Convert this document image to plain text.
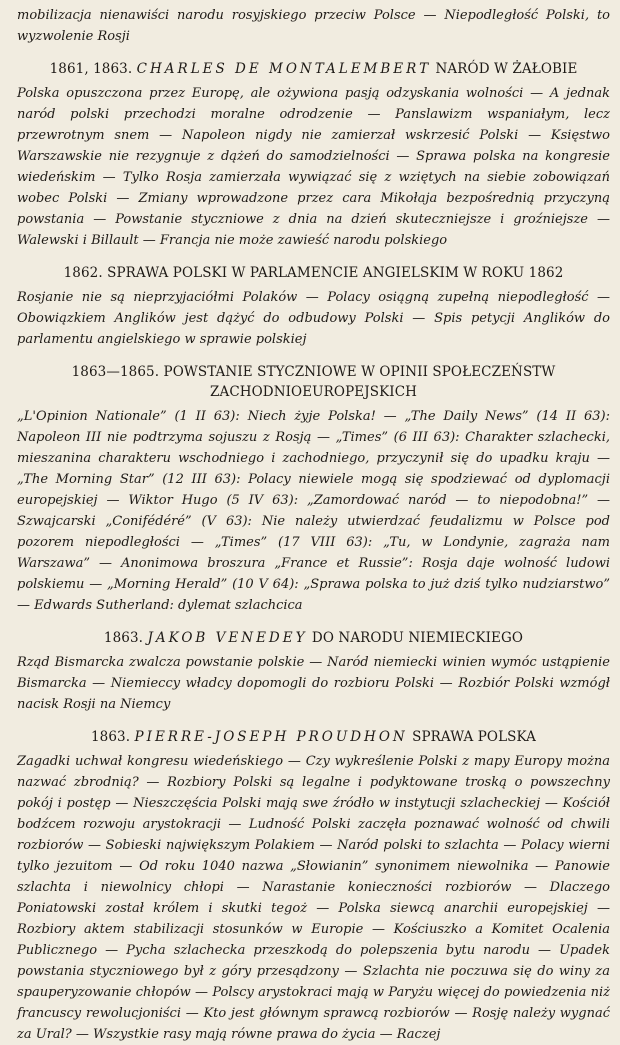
mobilizacja nienawiści narodu rosyjskiego przeciw Polsce — Niepodległość Polski, to wyzwolenie Rosji

1861, 1863. CHARLES DE MONTALEMBERT NARÓD W ŻAŁOBIE

Polska opuszczona przez Europę, ale ożywiona pasją odzyskania wolności — A jednak naród polski przechodzi moralne odrodzenie — Panslawizm wspaniałym, lecz przewrotnym snem — Napoleon nigdy nie zamierzał wskrzesić Polski — Księstwo Warszawskie nie rezygnuje z dążeń do samodzielności — Sprawa polska na kongresie wiedeńskim — Tylko Rosja zamierzała wywiązać się z wziętych na siebie zobowiązań wobec Polski — Zmiany wprowadzone przez cara Mikołaja bezpośrednią przyczyną powstania — Powstanie styczniowe z dnia na dzień skuteczniejsze i groźniejsze — Walewski i Billault — Francja nie może zawieść narodu polskiego

1862. SPRAWA POLSKI W PARLAMENCIE ANGIELSKIM W ROKU 1862

Rosjanie nie są nieprzyjaciółmi Polaków — Polacy osiągną zupełną niepodległość — Obowiązkiem Anglików jest dążyć do odbudowy Polski — Spis petycji Anglików do parlamentu angielskiego w sprawie polskiej

1863—1865. POWSTANIE STYCZNIOWE W OPINII SPOŁECZEŃSTW ZACHODNIOEUROPEJSKICH

„L'Opinion Nationale” (1 II 63): Niech żyje Polska! — „The Daily News” (14 II 63): Napoleon III nie podtrzyma sojuszu z Rosją — „Times” (6 III 63): Charakter szlachecki, mieszanina charakteru wschodniego i zachodniego, przyczynił się do upadku kraju — „The Morning Star” (12 III 63): Polacy niewiele mogą się spodziewać od dyplomacji europejskiej — Wiktor Hugo (5 IV 63): „Zamordować naród — to niepodobna!” — Szwajcarski „Conifédéré” (V 63): Nie należy utwierdzać feudalizmu w Polsce pod pozorem niepodległości — „Times” (17 VIII 63): „Tu, w Londynie, zagraża nam Warszawa” — Anonimowa broszura „France et Russie”: Rosja daje wolność ludowi polskiemu — „Morning Herald” (10 V 64): „Sprawa polska to już dziś tylko nudziarstwo” — Edwards Sutherland: dylemat szlachcica

1863. JAKOB VENEDEY DO NARODU NIEMIECKIEGO

Rząd Bismarcka zwalcza powstanie polskie — Naród niemiecki winien wymóc ustąpienie Bismarcka — Niemieccy władcy dopomogli do rozbioru Polski — Rozbiór Polski wzmógł nacisk Rosji na Niemcy

1863. PIERRE-JOSEPH PROUDHON SPRAWA POLSKA

Zagadki uchwał kongresu wiedeńskiego — Czy wykreślenie Polski z mapy Europy można nazwać zbrodnią? — Rozbiory Polski są legalne i podyktowane troską o powszechny pokój i postęp — Nieszczęścia Polski mają swe źródło w instytucji szlacheckiej — Kościół bodźcem rozwoju arystokracji — Ludność Polski zaczęła poznawać wolność od chwili rozbiorów — Sobieski największym Polakiem — Naród polski to szlachta — Polacy wierni tylko jezuitom — Od roku 1040 nazwa „Słowianin” synonimem niewolnika — Panowie szlachta i niewolnicy chłopi — Narastanie konieczności rozbiorów — Dlaczego Poniatowski został królem i skutki tegoż — Polska siewcą anarchii europejskiej — Rozbiory aktem stabilizacji stosunków w Europie — Kościuszko a Komitet Ocalenia Publicznego — Pycha szlachecka przeszkodą do polepszenia bytu narodu — Upadek powstania styczniowego był z góry przesądzony — Szlachta nie poczuwa się do winy za spauperyzowanie chłopów — Polscy arystokraci mają w Paryżu więcej do powiedzenia niż francuscy rewolucjoniści — Kto jest głównym sprawcą rozbiorów — Rosję należy wygnać za Ural? — Wszystkie rasy mają równe prawa do życia — Raczej
